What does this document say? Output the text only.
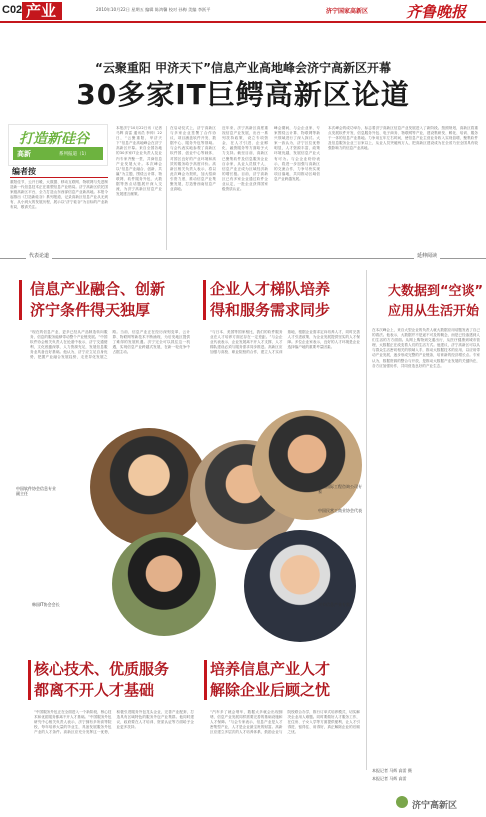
C02 产业	2010年10月22日 星期五 编辑 陈鸿馨 校对 孙梅 美编 李跃平	济宁国家高新区	齐鲁晚报
“云聚重阳 甲济天下”信息产业高地峰会济宁高新区开幕
30多家IT巨鳄高新区论道
打造新硅谷
高新	系列报道（1）
编者按
重阳佳节，云开日暖，大数据、移动互联网、物联网与先进制造新一代信息技术正在重塑信息产业格局。济宁高新区依托国家级高新区平台，全力打造山东西部信息产业新高地。本报今起推出《打造新硅谷》系列报道，记录高新区信息产业从无到有、从小到大的发展历程，展示以“济宁硅谷”为目标的产业新布局，敬请关注。
本报济宁10月22日讯（记者 马辉 高雷 通讯员 李帅）22日，“云聚重阳，甲济天下”信息产业高地峰会在济宁高新区开幕。来自全国各地的30多家IT企业负责人及业内专家齐聚一堂，共商信息产业发展大计。本次峰会以“信息产业融合、创新、共赢”为主题，围绕云计算、物联网、软件服务外包、大数据等热点话题展开深入交流，为济宁高新区信息产业发展建言献策。
在启动仪式上，济宁高新区与多家企业签署了合作协议，项目涵盖软件开发、数据中心、服务外包等领域。与会代表实地参观了高新区软件园、创业中心等载体，对园区良好的产业环境和高效的服务给予高度评价。高新区相关负责人表示，将以此次峰会为契机，加大招商引资力度，推动信息产业集聚发展，打造鲁西南信息产业高地。
近年来，济宁高新区高度重视信息产业发展，出台一系列扶持政策，设立专项资金，在人才引进、企业孵化、融资服务等方面给予大力支持。截至目前，高新区已聚集软件及信息服务企业百余家，从业人员数千人，信息产业正成为区域经济新的增长极。目前，济宁高新区已有多家企业通过软件企业认定，一批企业获得国家级资质认证。
峰会期间，与会企业家、专家围绕云计算、物联网等新兴领域进行了深入探讨。大家一致认为，济宁区位优势明显，人才资源丰富，政策环境优越，发展信息产业大有可为。与会企业纷纷表示，将进一步加强与高新区的交流合作，力争尽快实现项目落地，共同推动区域信息产业跨越发展。
本次峰会的成功举办，标志着济宁高新区信息产业发展进入了新阶段。按照规划，高新区将重点发展软件开发、信息服务外包、电子商务、物联网等产业，建设集研发、孵化、培训、服务于一体的信息产业基地。力争用五年左右时间，使信息产业主营业务收入实现倍增，聚集软件及信息服务企业三百家以上，从业人员突破两万人，把高新区建设成为在全省乃至全国具有较强影响力的信息产业高地。
代表论道	延伸阅读
信息产业融合、创新
济宁条件得天独厚
“现在的信息产业，更多已经从产品制造转向服务，信息的服务能够带动整个产业链发展。”中国软件协会相关负责人在论道中表示，济宁交通便利，文化底蕴深厚，人力资源充足，发展信息服务业具备良好基础。他认为，济宁应立足自身优势，把握产业融合发展趋势，走差异化发展之路。当前，信息产业正在经历深刻变革，云计算、物联网等新技术不断涌现，为后发地区提供了难得的发展机遇。济宁完全可以抓住这一机遇，实现信息产业跨越式发展，在新一轮竞争中占据主动。
企业人才梯队培养
得和服务需求同步
“与日本、美国等国家相比，我们的软件服务业在人才培养方面还存在一定差距。”与会企业代表表示，企业发展离不开人才支撑，人才梯队建设必须与服务需求同步推进。高新区应加强与高校、职业院校的合作，建立人才实训基地，根据企业需求定向培养人才，同时完善人才引进政策，为企业发展提供坚实的人才保障。多位企业家表示，良好的人才环境是企业选择落户地的重要考量因素。
大数据到“空谈”
应用从生活开始
在本次峰会上，来自大型企业的负责人就大数据应用话题发表了自己的看法。他表示，大数据并不是遥不可及的概念，而是已经渗透到人们生活的方方面面。从网上购物到交通出行，从医疗健康到城市管理，大数据正在改变着人们的生活方式。他建议，济宁高新区可以从与群众生活密切相关的领域入手，推动大数据技术的应用，以应用带动产业发展，逐步形成完整的产业链条，培育新的经济增长点。专家认为，数据资源的整合与开放，是推动大数据产业发展的关键所在，各方应加强协作，共同营造良好的产业生态。
中国软件协会信息专业副主任
中国国际工程咨询公司专家
中国民营工商业协会代表
韩国IT协会会长	兴节信息产业专家
核心技术、优质服务
都离不开人才基础
“中国服务外包正在全面进入一个新阶段，核心技术和优质服务都离不开人才基础。”中国服务外包研究中心相关负责人表示，济宁拥有多所高等院校，每年培养大量的毕业生，具备发展服务外包产业的人才条件。高新区应充分发挥这一优势，积极引进服务外包龙头企业，完善产业配套，打造具有区域特色的服务外包产业集群。他同时建议，政府要在人才培训、资质认证等方面给予企业更多扶持。
培养信息产业人才
解除企业后顾之忧
“汽车多了就会堵车，数据太多就会出现拥堵，信息产业发展同样需要完善的基础设施和人才保障。”与会专家表示，信息产业是人才密集型产业，人才是企业最宝贵的财富。高新区应建立多层次的人才培养体系，鼓励企业与院校联合办学，推行订单式培养模式，切实解决企业用人难题。同时要做好人才服务工作，在住房、子女入学等方面提供便利，让人才引得进、留得住、用得好，真正解除企业的后顾之忧。
本报记者 马辉 高雷 摄
本报记者 马辉 高雷
济宁高新区
